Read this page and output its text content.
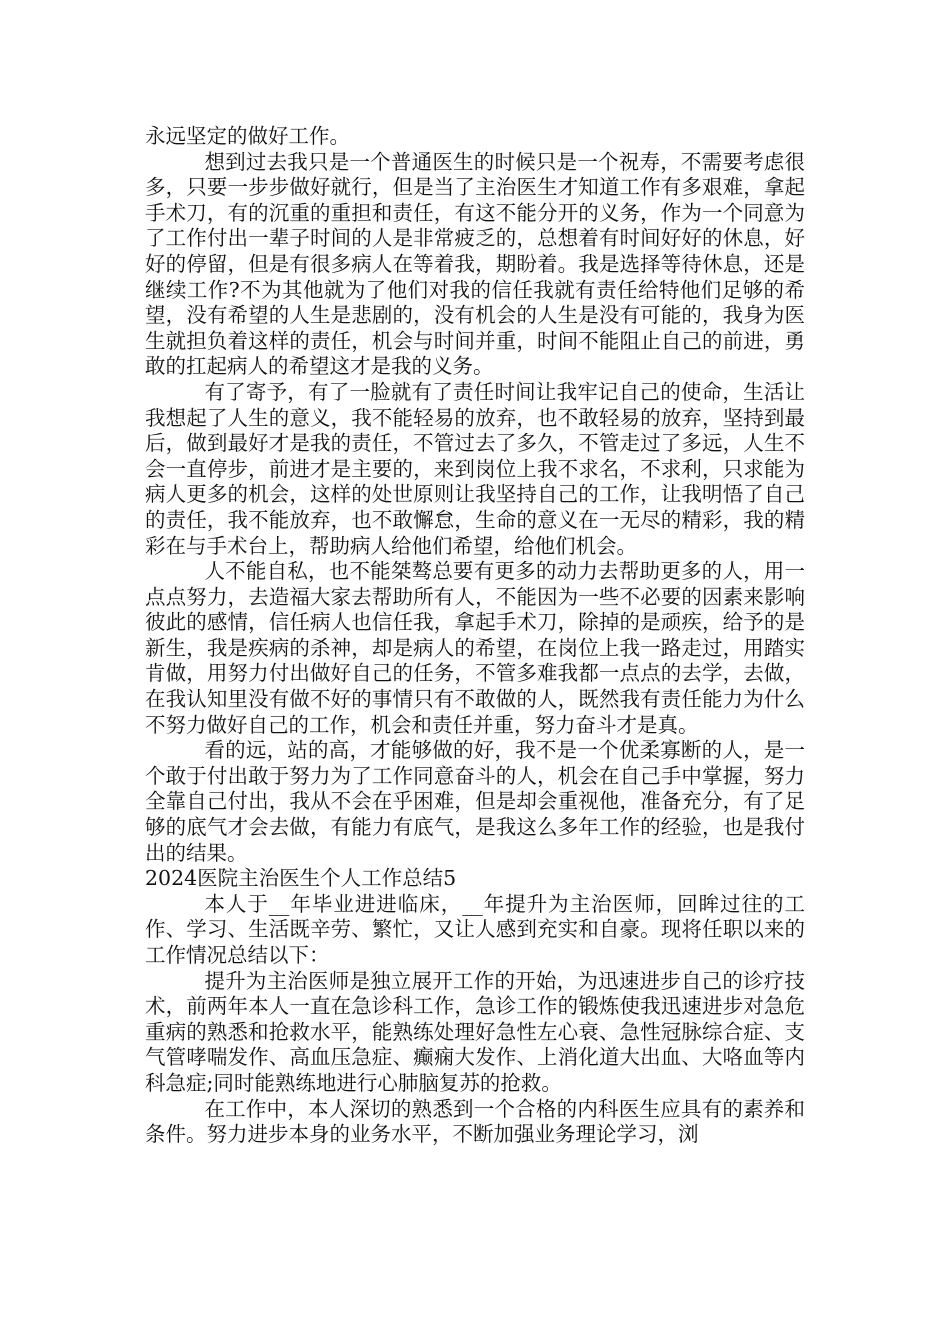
永远坚定的做好工作。

想到过去我只是一个普通医生的时候只是一个祝寿，不需要考虑很多，只要一步步做好就行，但是当了主治医生才知道工作有多艰难，拿起手术刀，有的沉重的重担和责任，有这不能分开的义务，作为一个同意为了工作付出一辈子时间的人是非常疲乏的，总想着有时间好好的休息，好好的停留，但是有很多病人在等着我，期盼着。我是选择等待休息，还是继续工作?不为其他就为了他们对我的信任我就有责任给特他们足够的希望，没有希望的人生是悲剧的，没有机会的人生是没有可能的，我身为医生就担负着这样的责任，机会与时间并重，时间不能阻止自己的前进，勇敢的扛起病人的希望这才是我的义务。

有了寄予，有了一脸就有了责任时间让我牢记自己的使命，生活让我想起了人生的意义，我不能轻易的放弃，也不敢轻易的放弃，坚持到最后，做到最好才是我的责任，不管过去了多久，不管走过了多远，人生不会一直停步，前进才是主要的，来到岗位上我不求名，不求利，只求能为病人更多的机会，这样的处世原则让我坚持自己的工作，让我明悟了自己的责任，我不能放弃，也不敢懈怠，生命的意义在一无尽的精彩，我的精彩在与手术台上，帮助病人给他们希望，给他们机会。

人不能自私，也不能桀骜总要有更多的动力去帮助更多的人，用一点点努力，去造福大家去帮助所有人，不能因为一些不必要的因素来影响彼此的感情，信任病人也信任我，拿起手术刀，除掉的是顽疾，给予的是新生，我是疾病的杀神，却是病人的希望，在岗位上我一路走过，用踏实肯做，用努力付出做好自己的任务，不管多难我都一点点的去学，去做，在我认知里没有做不好的事情只有不敢做的人，既然我有责任能力为什么不努力做好自己的工作，机会和责任并重，努力奋斗才是真。

看的远，站的高，才能够做的好，我不是一个优柔寡断的人，是一个敢于付出敢于努力为了工作同意奋斗的人，机会在自己手中掌握，努力全靠自己付出，我从不会在乎困难，但是却会重视他，准备充分，有了足够的底气才会去做，有能力有底气，是我这么多年工作的经验，也是我付出的结果。

2024医院主治医生个人工作总结5

本人于__年毕业进进临床，__年提升为主治医师，回眸过往的工作、学习、生活既辛劳、繁忙，又让人感到充实和自豪。现将任职以来的工作情况总结以下：

提升为主治医师是独立展开工作的开始，为迅速进步自己的诊疗技术，前两年本人一直在急诊科工作，急诊工作的锻炼使我迅速进步对急危重病的熟悉和抢救水平，能熟练处理好急性左心衰、急性冠脉综合症、支气管哮喘发作、高血压急症、癫痫大发作、上消化道大出血、大咯血等内科急症;同时能熟练地进行心肺脑复苏的抢救。

在工作中，本人深切的熟悉到一个合格的内科医生应具有的素养和条件。努力进步本身的业务水平，不断加强业务理论学习，浏
